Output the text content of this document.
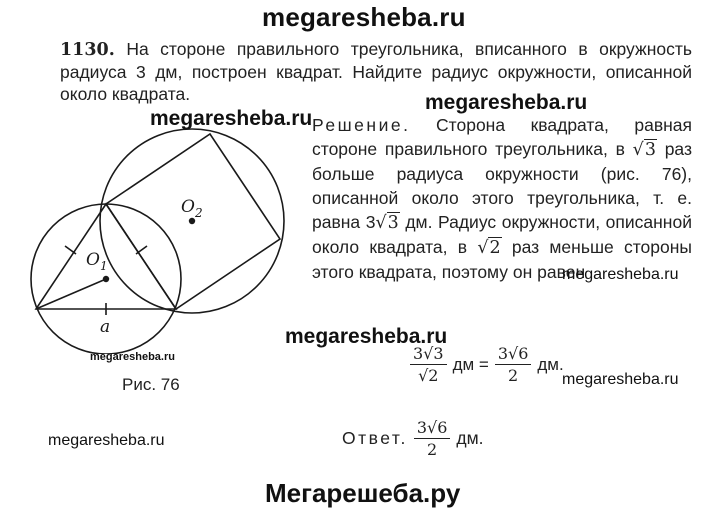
megaresheba.ru
1130. На стороне правильного треугольника, вписанного в окружность радиуса 3 дм, построен квадрат. Найдите радиус окружности, описанной около квадрата.	megaresheba.ru
megaresheba.ru
$O_1$
$O_2$
a
megaresheba.ru
Рис. 76
Решение. Сторона квадрата, равная стороне правильного треугольника, в √3 раз больше радиуса окружности (рис. 76), описанной около этого треугольника, т. е. равна 3√3 дм. Радиус окружности, описанной около квадрата, в √2 раз меньше стороны этого квадрата, поэтому он равен
megaresheba.ru
megaresheba.ru
$\frac{3√3}{√2}$ дм = $\frac{3√6}{2}$ дм.
megaresheba.ru
megaresheba.ru	Ответ. $\frac{3√6}{2}$ дм.
Мегарешеба.ру
